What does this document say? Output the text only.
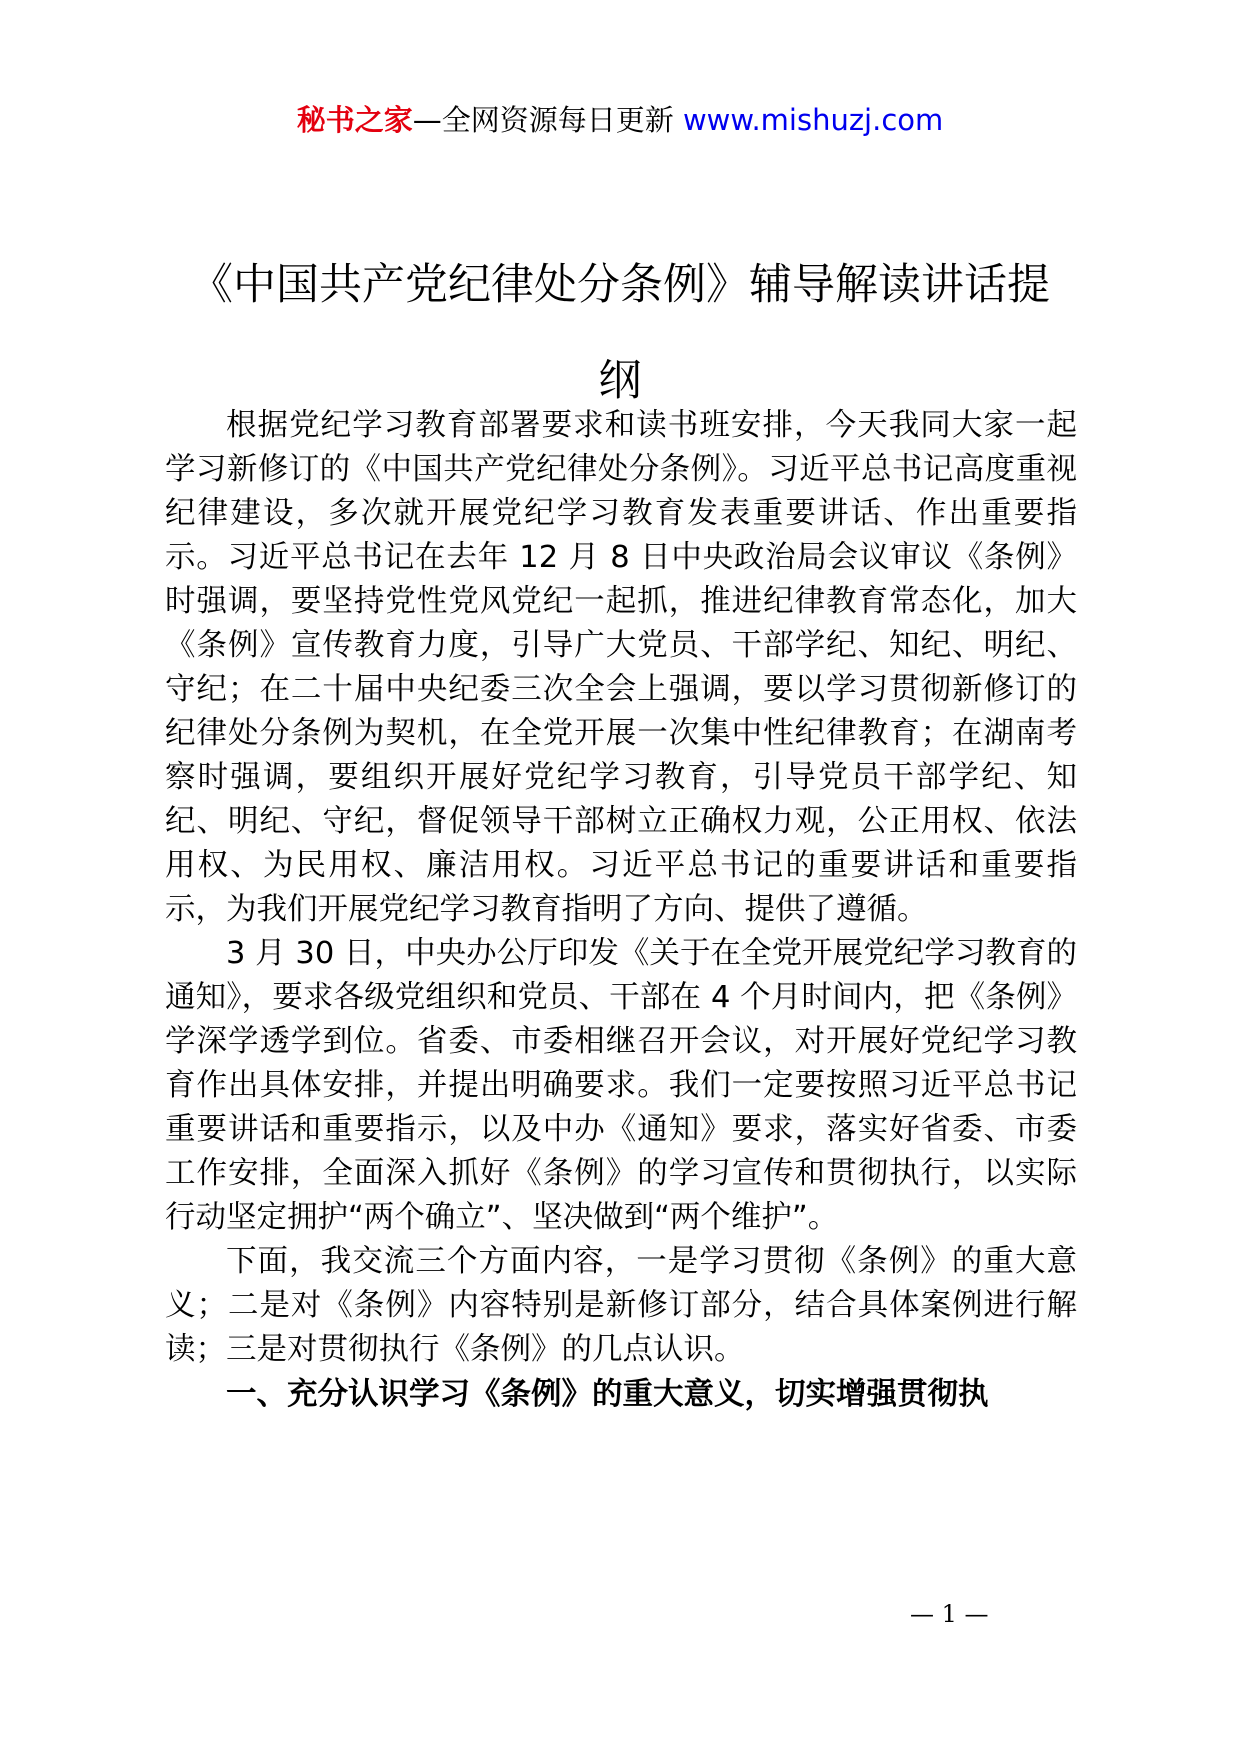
秘书之家—全网资源每日更新 www.mishuzj.com
《中国共产党纪律处分条例》辅导解读讲话提纲

根据党纪学习教育部署要求和读书班安排，今天我同大家一起学习新修订的《中国共产党纪律处分条例》。习近平总书记高度重视纪律建设，多次就开展党纪学习教育发表重要讲话、作出重要指示。习近平总书记在去年 12 月 8 日中央政治局会议审议《条例》时强调，要坚持党性党风党纪一起抓，推进纪律教育常态化，加大《条例》宣传教育力度，引导广大党员、干部学纪、知纪、明纪、守纪；在二十届中央纪委三次全会上强调，要以学习贯彻新修订的纪律处分条例为契机，在全党开展一次集中性纪律教育；在湖南考察时强调，要组织开展好党纪学习教育，引导党员干部学纪、知纪、明纪、守纪，督促领导干部树立正确权力观，公正用权、依法用权、为民用权、廉洁用权。习近平总书记的重要讲话和重要指示，为我们开展党纪学习教育指明了方向、提供了遵循。

3 月 30 日，中央办公厅印发《关于在全党开展党纪学习教育的通知》，要求各级党组织和党员、干部在 4 个月时间内，把《条例》学深学透学到位。省委、市委相继召开会议，对开展好党纪学习教育作出具体安排，并提出明确要求。我们一定要按照习近平总书记重要讲话和重要指示，以及中办《通知》要求，落实好省委、市委工作安排，全面深入抓好《条例》的学习宣传和贯彻执行，以实际行动坚定拥护“两个确立”、坚决做到“两个维护”。

下面，我交流三个方面内容，一是学习贯彻《条例》的重大意义；二是对《条例》内容特别是新修订部分，结合具体案例进行解读；三是对贯彻执行《条例》的几点认识。

一、充分认识学习《条例》的重大意义，切实增强贯彻执

— 1 —
